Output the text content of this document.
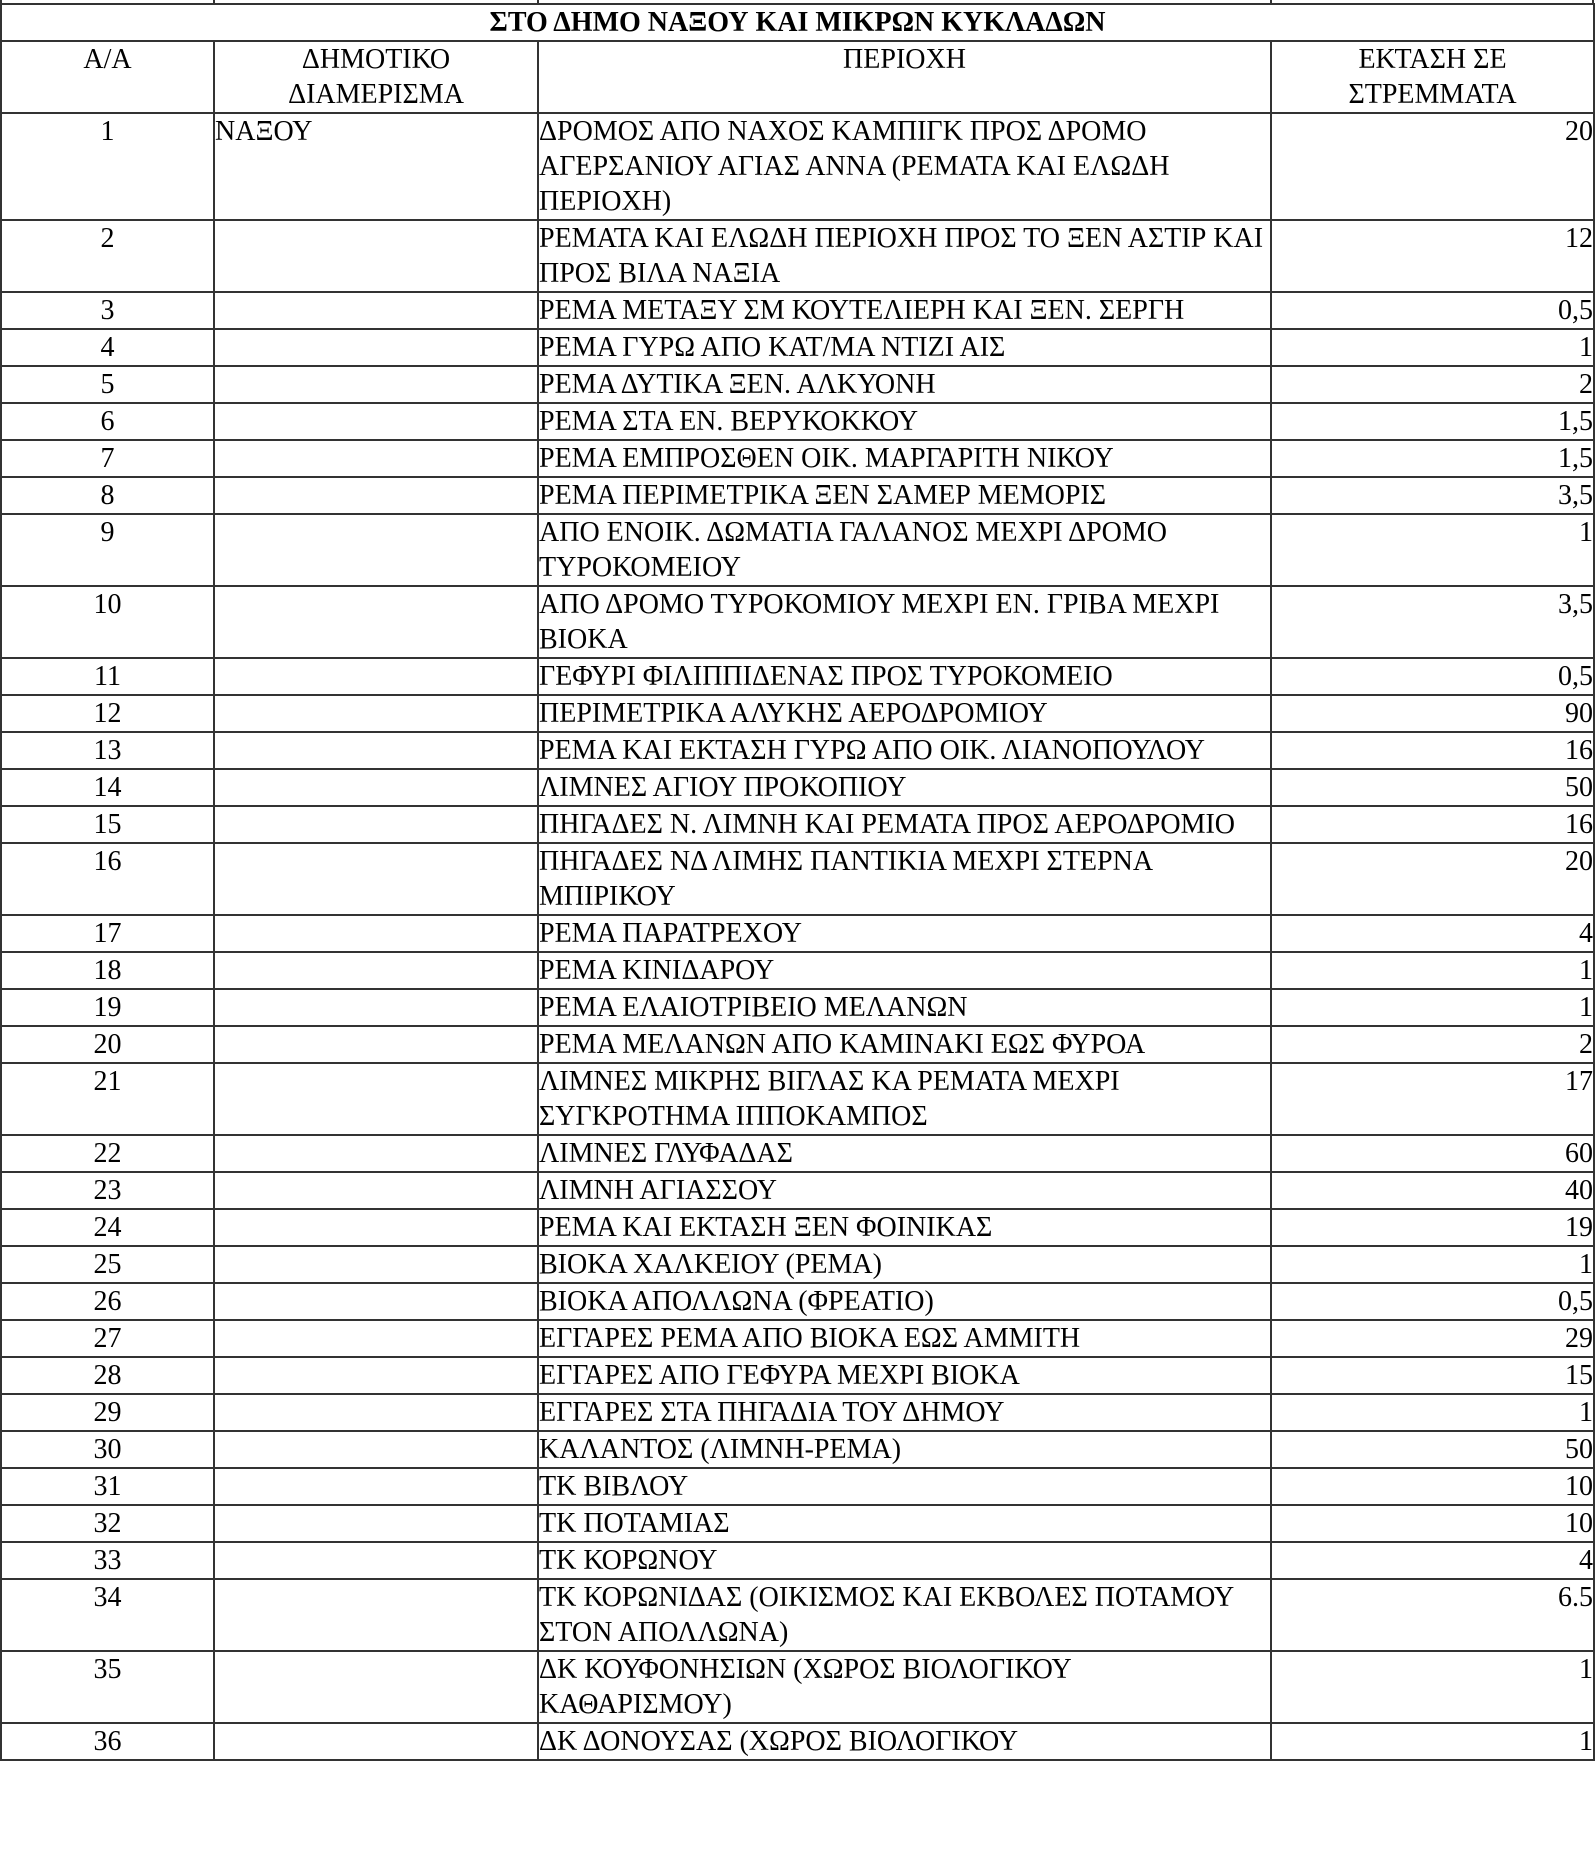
ΣΤΟ ΔΗΜΟ ΝΑΞΟΥ ΚΑΙ ΜΙΚΡΩΝ ΚΥΚΛΑΔΩΝ			
Α/Α	ΔΗΜΟΤΙΚΟ ΔΙΑΜΕΡΙΣΜΑ	ΠΕΡΙΟΧΗ	ΕΚΤΑΣΗ ΣΕ ΣΤΡΕΜΜΑΤΑ
1	ΝΑΞΟΥ	ΔΡΟΜΟΣ ΑΠΟ ΝΑΧΟΣ ΚΑΜΠΙΓΚ ΠΡΟΣ ΔΡΟΜΟ ΑΓΕΡΣΑΝΙΟΥ ΑΓΙΑΣ ΑΝΝΑ (ΡΕΜΑΤΑ ΚΑΙ ΕΛΩΔΗ ΠΕΡΙΟΧΗ)	20
2		ΡΕΜΑΤΑ ΚΑΙ ΕΛΩΔΗ ΠΕΡΙΟΧΗ ΠΡΟΣ ΤΟ ΞΕΝ ΑΣΤΙΡ ΚΑΙ ΠΡΟΣ ΒΙΛΑ ΝΑΞΙΑ	12
3		ΡΕΜΑ ΜΕΤΑΞΥ ΣΜ ΚΟΥΤΕΛΙΕΡΗ ΚΑΙ ΞΕΝ. ΣΕΡΓΗ	0,5
4		ΡΕΜΑ ΓΥΡΩ ΑΠΟ ΚΑΤ/ΜΑ ΝΤΙΖΙ ΑΙΣ	1
5		ΡΕΜΑ ΔΥΤΙΚΑ ΞΕΝ. ΑΛΚΥΟΝΗ	2
6		ΡΕΜΑ ΣΤΑ ΕΝ. ΒΕΡΥΚΟΚΚΟΥ	1,5
7		ΡΕΜΑ ΕΜΠΡΟΣΘΕΝ ΟΙΚ. ΜΑΡΓΑΡΙΤΗ ΝΙΚΟΥ	1,5
8		ΡΕΜΑ ΠΕΡΙΜΕΤΡΙΚΑ ΞΕΝ ΣΑΜΕΡ ΜΕΜΟΡΙΣ	3,5
9		ΑΠΟ ΕΝΟΙΚ. ΔΩΜΑΤΙΑ ΓΑΛΑΝΟΣ ΜΕΧΡΙ ΔΡΟΜΟ ΤΥΡΟΚΟΜΕΙΟΥ	1
10		ΑΠΟ ΔΡΟΜΟ ΤΥΡΟΚΟΜΙΟΥ ΜΕΧΡΙ ΕΝ. ΓΡΙΒΑ ΜΕΧΡΙ ΒΙΟΚΑ	3,5
11		ΓΕΦΥΡΙ ΦΙΛΙΠΠΙΔΕΝΑΣ ΠΡΟΣ ΤΥΡΟΚΟΜΕΙΟ	0,5
12		ΠΕΡΙΜΕΤΡΙΚΑ ΑΛΥΚΗΣ ΑΕΡΟΔΡΟΜΙΟΥ	90
13		ΡΕΜΑ ΚΑΙ ΕΚΤΑΣΗ ΓΥΡΩ ΑΠΟ ΟΙΚ. ΛΙΑΝΟΠΟΥΛΟΥ	16
14		ΛΙΜΝΕΣ ΑΓΙΟΥ ΠΡΟΚΟΠΙΟΥ	50
15		ΠΗΓΑΔΕΣ Ν. ΛΙΜΝΗ ΚΑΙ ΡΕΜΑΤΑ ΠΡΟΣ ΑΕΡΟΔΡΟΜΙΟ	16
16		ΠΗΓΑΔΕΣ ΝΔ ΛΙΜΗΣ ΠΑΝΤΙΚΙΑ ΜΕΧΡΙ ΣΤΕΡΝΑ ΜΠΙΡΙΚΟΥ	20
17		ΡΕΜΑ ΠΑΡΑΤΡΕΧΟΥ	4
18		ΡΕΜΑ ΚΙΝΙΔΑΡΟΥ	1
19		ΡΕΜΑ ΕΛΑΙΟΤΡΙΒΕΙΟ ΜΕΛΑΝΩΝ	1
20		ΡΕΜΑ ΜΕΛΑΝΩΝ ΑΠΟ ΚΑΜΙΝΑΚΙ ΕΩΣ ΦΥΡΟΑ	2
21		ΛΙΜΝΕΣ ΜΙΚΡΗΣ ΒΙΓΛΑΣ ΚΑ ΡΕΜΑΤΑ ΜΕΧΡΙ ΣΥΓΚΡΟΤΗΜΑ ΙΠΠΟΚΑΜΠΟΣ	17
22		ΛΙΜΝΕΣ ΓΛΥΦΑΔΑΣ	60
23		ΛΙΜΝΗ ΑΓΙΑΣΣΟΥ	40
24		ΡΕΜΑ ΚΑΙ ΕΚΤΑΣΗ ΞΕΝ ΦΟΙΝΙΚΑΣ	19
25		ΒΙΟΚΑ ΧΑΛΚΕΙΟΥ (ΡΕΜΑ)	1
26		ΒΙΟΚΑ ΑΠΟΛΛΩΝΑ (ΦΡΕΑΤΙΟ)	0,5
27		ΕΓΓΑΡΕΣ ΡΕΜΑ ΑΠΟ ΒΙΟΚΑ ΕΩΣ ΑΜΜΙΤΗ	29
28		ΕΓΓΑΡΕΣ ΑΠΟ ΓΕΦΥΡΑ ΜΕΧΡΙ ΒΙΟΚΑ	15
29		ΕΓΓΑΡΕΣ ΣΤΑ ΠΗΓΑΔΙΑ ΤΟΥ ΔΗΜΟΥ	1
30		ΚΑΛΑΝΤΟΣ (ΛΙΜΝΗ-ΡΕΜΑ)	50
31		ΤΚ ΒΙΒΛΟΥ	10
32		ΤΚ ΠΟΤΑΜΙΑΣ	10
33		ΤΚ ΚΟΡΩΝΟΥ	4
34		ΤΚ ΚΟΡΩΝΙΔΑΣ (ΟΙΚΙΣΜΟΣ ΚΑΙ ΕΚΒΟΛΕΣ ΠΟΤΑΜΟΥ ΣΤΟΝ ΑΠΟΛΛΩΝΑ)	6.5
35		ΔΚ ΚΟΥΦΟΝΗΣΙΩΝ (ΧΩΡΟΣ ΒΙΟΛΟΓΙΚΟΥ ΚΑΘΑΡΙΣΜΟΥ)	1
36		ΔΚ ΔΟΝΟΥΣΑΣ (ΧΩΡΟΣ ΒΙΟΛΟΓΙΚΟΥ	1
